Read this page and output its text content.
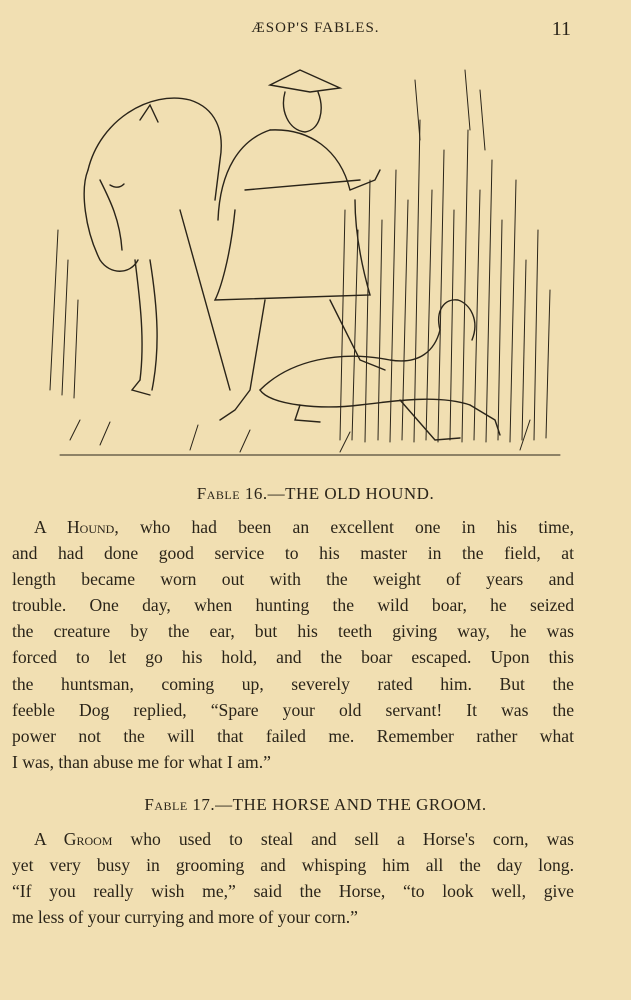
ÆSOP'S FABLES.	11
Fable 16.—THE OLD HOUND.
A Hound, who had been an excellent one in his time,
and had done good service to his master in the field, at
length became worn out with the weight of years and
trouble. One day, when hunting the wild boar, he seized
the creature by the ear, but his teeth giving way, he was
forced to let go his hold, and the boar escaped. Upon this
the huntsman, coming up, severely rated him. But the
feeble Dog replied, “Spare your old servant! It was the
power not the will that failed me. Remember rather what
I was, than abuse me for what I am.”
Fable 17.—THE HORSE AND THE GROOM.
A Groom who used to steal and sell a Horse's corn, was
yet very busy in grooming and whisping him all the day long.
“If you really wish me,” said the Horse, “to look well, give
me less of your currying and more of your corn.”
